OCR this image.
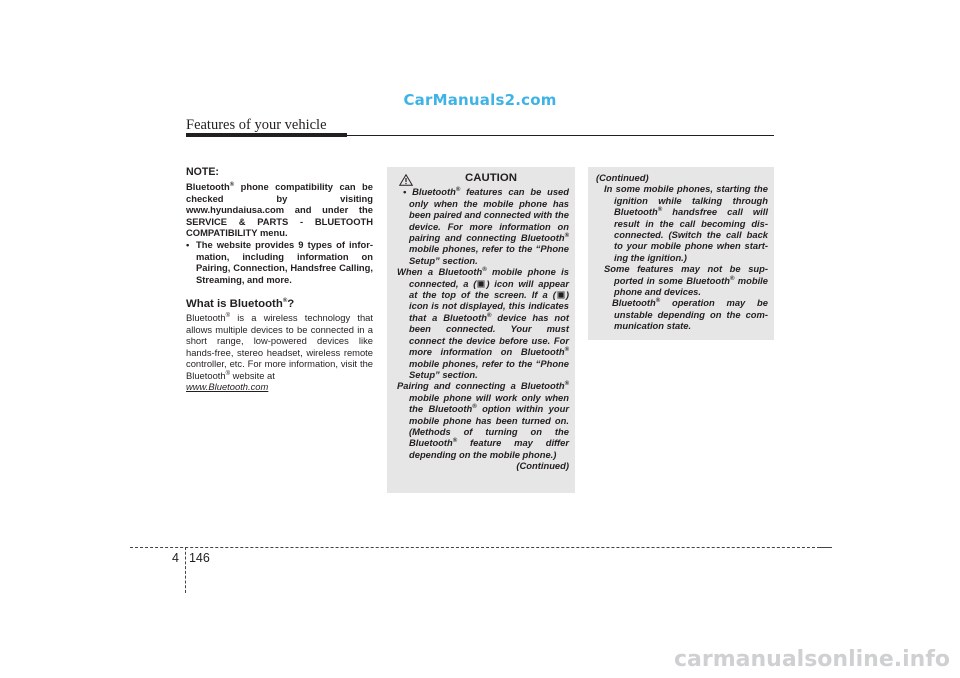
CarManuals2.com
Features of your vehicle
NOTE:
Bluetooth® phone compatibility can be checked by visiting www.hyundaiusa.com and under the SERVICE & PARTS - BLUETOOTH COMPATIBILITY menu.
• The website provides 9 types of infor-mation, including information on Pairing, Connection, Handsfree Calling, Streaming, and more.
What is Bluetooth®?
Bluetooth® is a wireless technology that allows multiple devices to be connected in a short range, low-powered devices like hands-free, stereo headset, wireless remote controller, etc. For more information, visit the Bluetooth® website at
www.Bluetooth.com
CAUTION
• Bluetooth® features can be used only when the mobile phone has been paired and connected with the device. For more information on pairing and connecting Bluetooth® mobile phones, refer to the “Phone Setup” section.
When a Bluetooth® mobile phone is connected, a ( ) icon will appear at the top of the screen. If a ( ) icon is not displayed, this indicates that a Bluetooth® device has not been connected. Your must connect the device before use. For more information on Bluetooth® mobile phones, refer to the “Phone Setup” section.
Pairing and connecting a Bluetooth® mobile phone will work only when the Bluetooth® option within your mobile phone has been turned on. (Methods of turning on the Bluetooth® feature may differ depending on the mobile phone.)
(Continued)
(Continued)
In some mobile phones, starting the ignition while talking through Bluetooth® handsfree call will result in the call becoming dis-connected. (Switch the call back to your mobile phone when start-ing the ignition.)
Some features may not be sup-ported in some Bluetooth® mobile phone and devices.
Bluetooth® operation may be unstable depending on the com-munication state.
4 146
carmanualsonline.info
